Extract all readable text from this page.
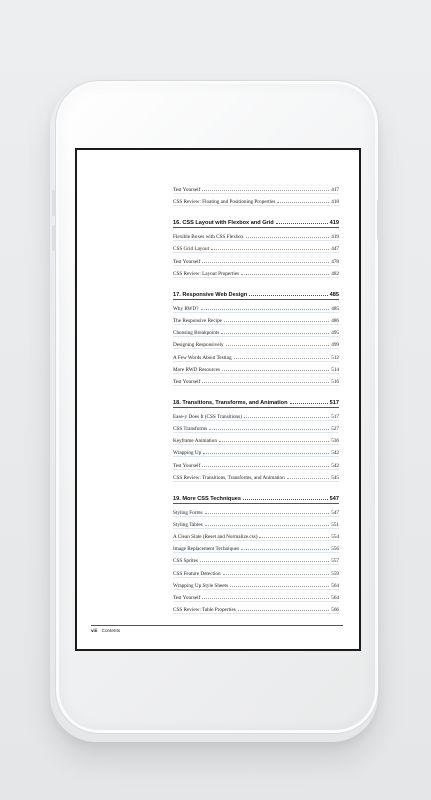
Test Yourself	417
CSS Review: Floating and Positioning Properties	418
16. CSS Layout with Flexbox and Grid	419
Flexible Boxes with CSS Flexbox	419
CSS Grid Layout	447
Test Yourself	478
CSS Review: Layout Properties	482
17. Responsive Web Design	485
Why RWD?	485
The Responsive Recipe	486
Choosing Breakpoints	495
Designing Responsively	499
A Few Words About Testing	512
More RWD Resources	514
Test Yourself	516
18. Transitions, Transforms, and Animation	517
Ease-y Does It (CSS Transitions)	517
CSS Transforms	527
Keyframe Animation	536
Wrapping Up	542
Test Yourself	542
CSS Review: Transitions, Transforms, and Animation	545
19. More CSS Techniques	547
Styling Forms	547
Styling Tables	551
A Clean Slate (Reset and Normalize.css)	554
Image Replacement Techniques	556
CSS Sprites	557
CSS Feature Detection	559
Wrapping Up Style Sheets	564
Test Yourself	564
CSS Review: Table Properties	566
viii Contents
